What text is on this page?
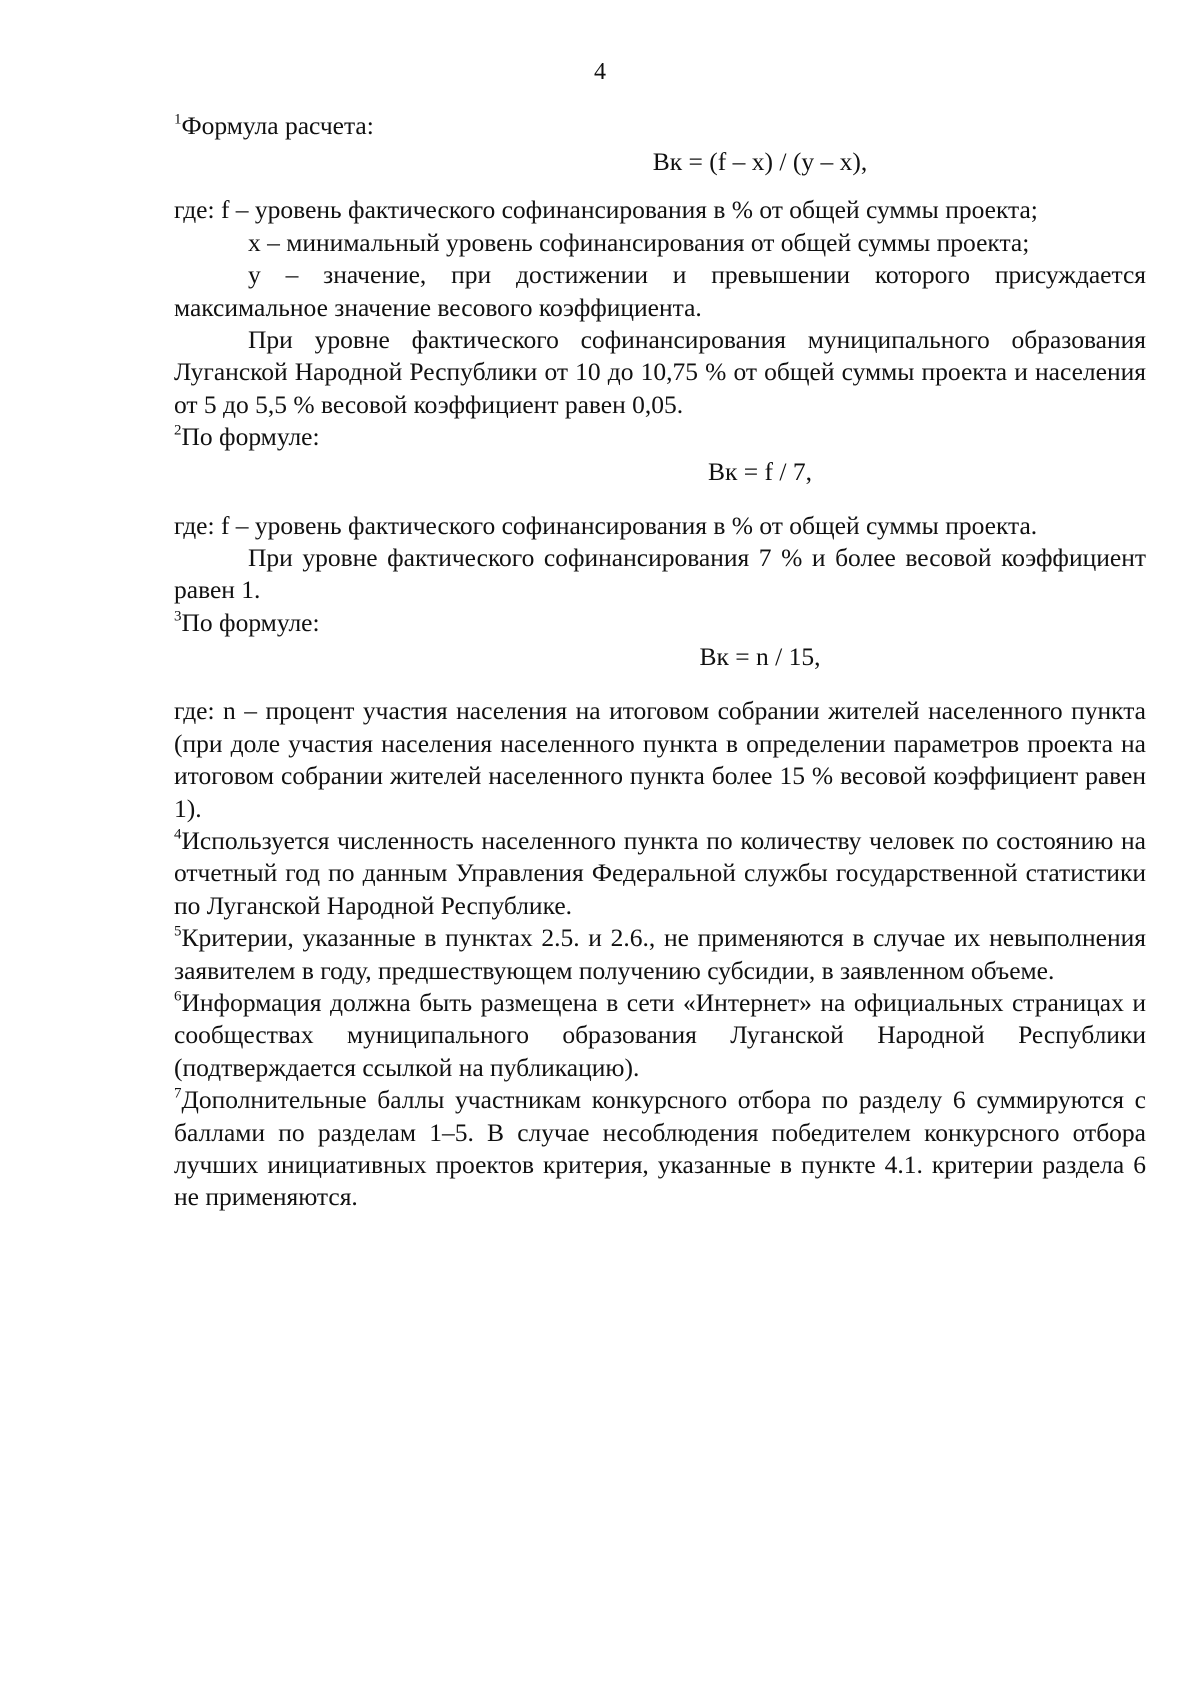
4

$^1$Формула расчета:

Вк = (f – x) / (y – x),

где: f – уровень фактического софинансирования в % от общей суммы проекта;

x – минимальный уровень софинансирования от общей суммы проекта;

y – значение, при достижении и превышении которого присуждается максимальное значение весового коэффициента.

При уровне фактического софинансирования муниципального образования Луганской Народной Республики от 10 до 10,75 % от общей суммы проекта и населения от 5 до 5,5 % весовой коэффициент равен 0,05.

$^2$По формуле:

Вк = f / 7,

где: f – уровень фактического софинансирования в % от общей суммы проекта.

При уровне фактического софинансирования 7 % и более весовой коэффициент равен 1.

$^3$По формуле:

Вк = n / 15,

где: n – процент участия населения на итоговом собрании жителей населенного пункта (при доле участия населения населенного пункта в определении параметров проекта на итоговом собрании жителей населенного пункта более 15 % весовой коэффициент равен 1).

$^4$Используется численность населенного пункта по количеству человек по состоянию на отчетный год по данным Управления Федеральной службы государственной статистики по Луганской Народной Республике.

$^5$Критерии, указанные в пунктах 2.5. и 2.6., не применяются в случае их невыполнения заявителем в году, предшествующем получению субсидии, в заявленном объеме.

$^6$Информация должна быть размещена в сети «Интернет» на официальных страницах и сообществах муниципального образования Луганской Народной Республики (подтверждается ссылкой на публикацию).

$^7$Дополнительные баллы участникам конкурсного отбора по разделу 6 суммируются с баллами по разделам 1–5. В случае несоблюдения победителем конкурсного отбора лучших инициативных проектов критерия, указанные в пункте 4.1. критерии раздела 6 не применяются.
